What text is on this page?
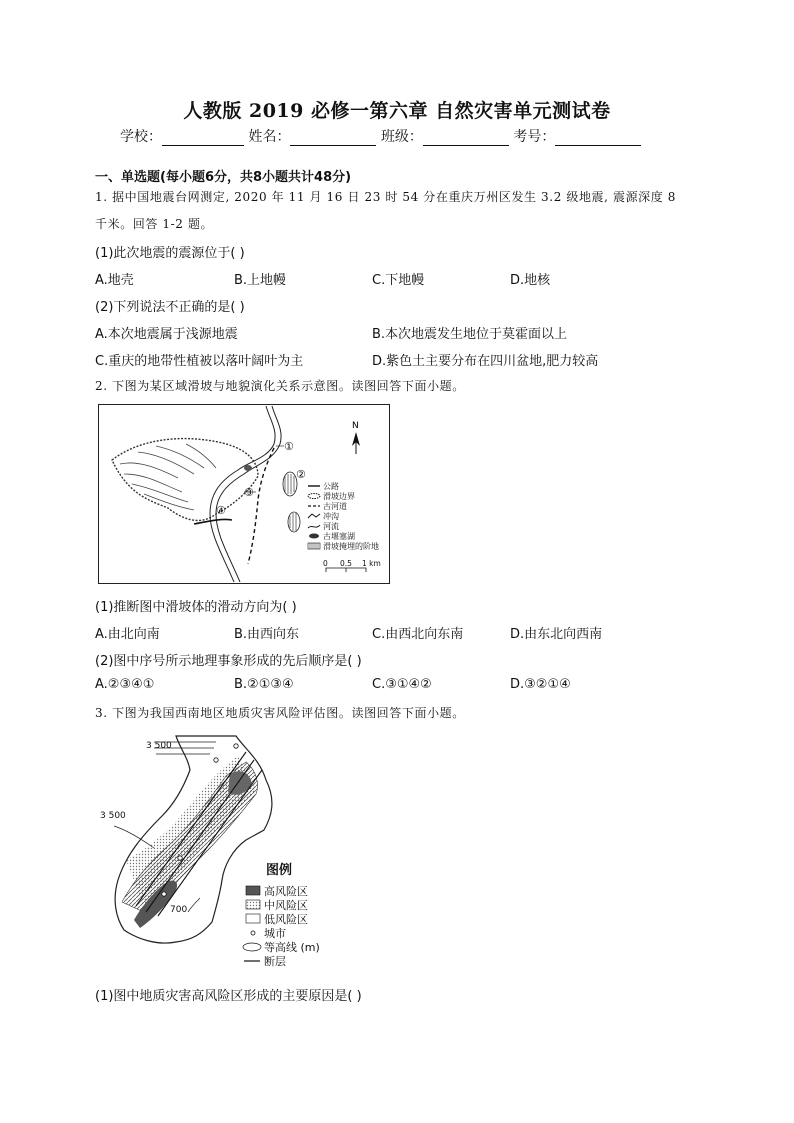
人教版 2019 必修一第六章 自然灾害单元测试卷
学校：	姓名：	班级：	考号：
一、单选题(每小题6分，共8小题共计48分)
1. 据中国地震台网测定, 2020 年 11 月 16 日 23 时 54 分在重庆万州区发生 3.2 级地震, 震源深度 8
千米。回答 1-2 题。
(1)此次地震的震源位于( )
A.地壳	B.上地幔	C.下地幔	D.地核
(2)下列说法不正确的是( )
A.本次地震属于浅源地震	B.本次地震发生地位于莫霍面以上
C.重庆的地带性植被以落叶阔叶为主	D.紫色土主要分布在四川盆地,肥力较高
2. 下图为某区域滑坡与地貌演化关系示意图。读图回答下面小题。
①
②
③
④
N
公路
滑坡边界
古河道
冲沟
河流
古堰塞湖
滑坡掩埋的阶地
0 0.5 1 km
(1)推断图中滑坡体的滑动方向为( )
A.由北向南	B.由西向东	C.由西北向东南	D.由东北向西南
(2)图中序号所示地理事象形成的先后顺序是( )
A.②③④①	B.②①③④	C.③①④②	D.③②①④
3. 下图为我国西南地区地质灾害风险评估图。读图回答下面小题。
3 500
3 500
700
图例
高风险区
中风险区
低风险区
城市
等高线 (m)
断层
(1)图中地质灾害高风险区形成的主要原因是( )
